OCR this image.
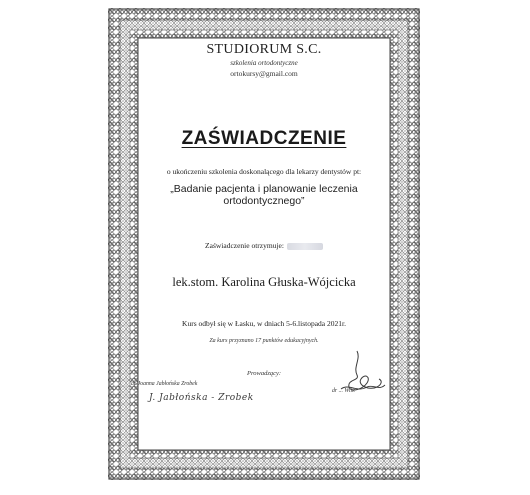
STUDIORUM S.C.
szkolenia ortodontyczne
ortokursy@gmail.com
ZAŚWIADCZENIE
o ukończeniu szkolenia doskonalącego dla lekarzy dentystów pt:
„Badanie pacjenta i planowanie leczenia ortodontycznego”
Zaświadczenie otrzymuje:
lek.stom. Karolina Głuska-Wójcicka
Kurs odbył się w Łasku, w dniach 5-6.listopada 2021r.
Za kurs przyznano 17 punktów edukacyjnych.
Prowadzący:
dr Joanna Jabłońska Zrobek
J. Jabłońska - Zrobek
dr ... Wilk
